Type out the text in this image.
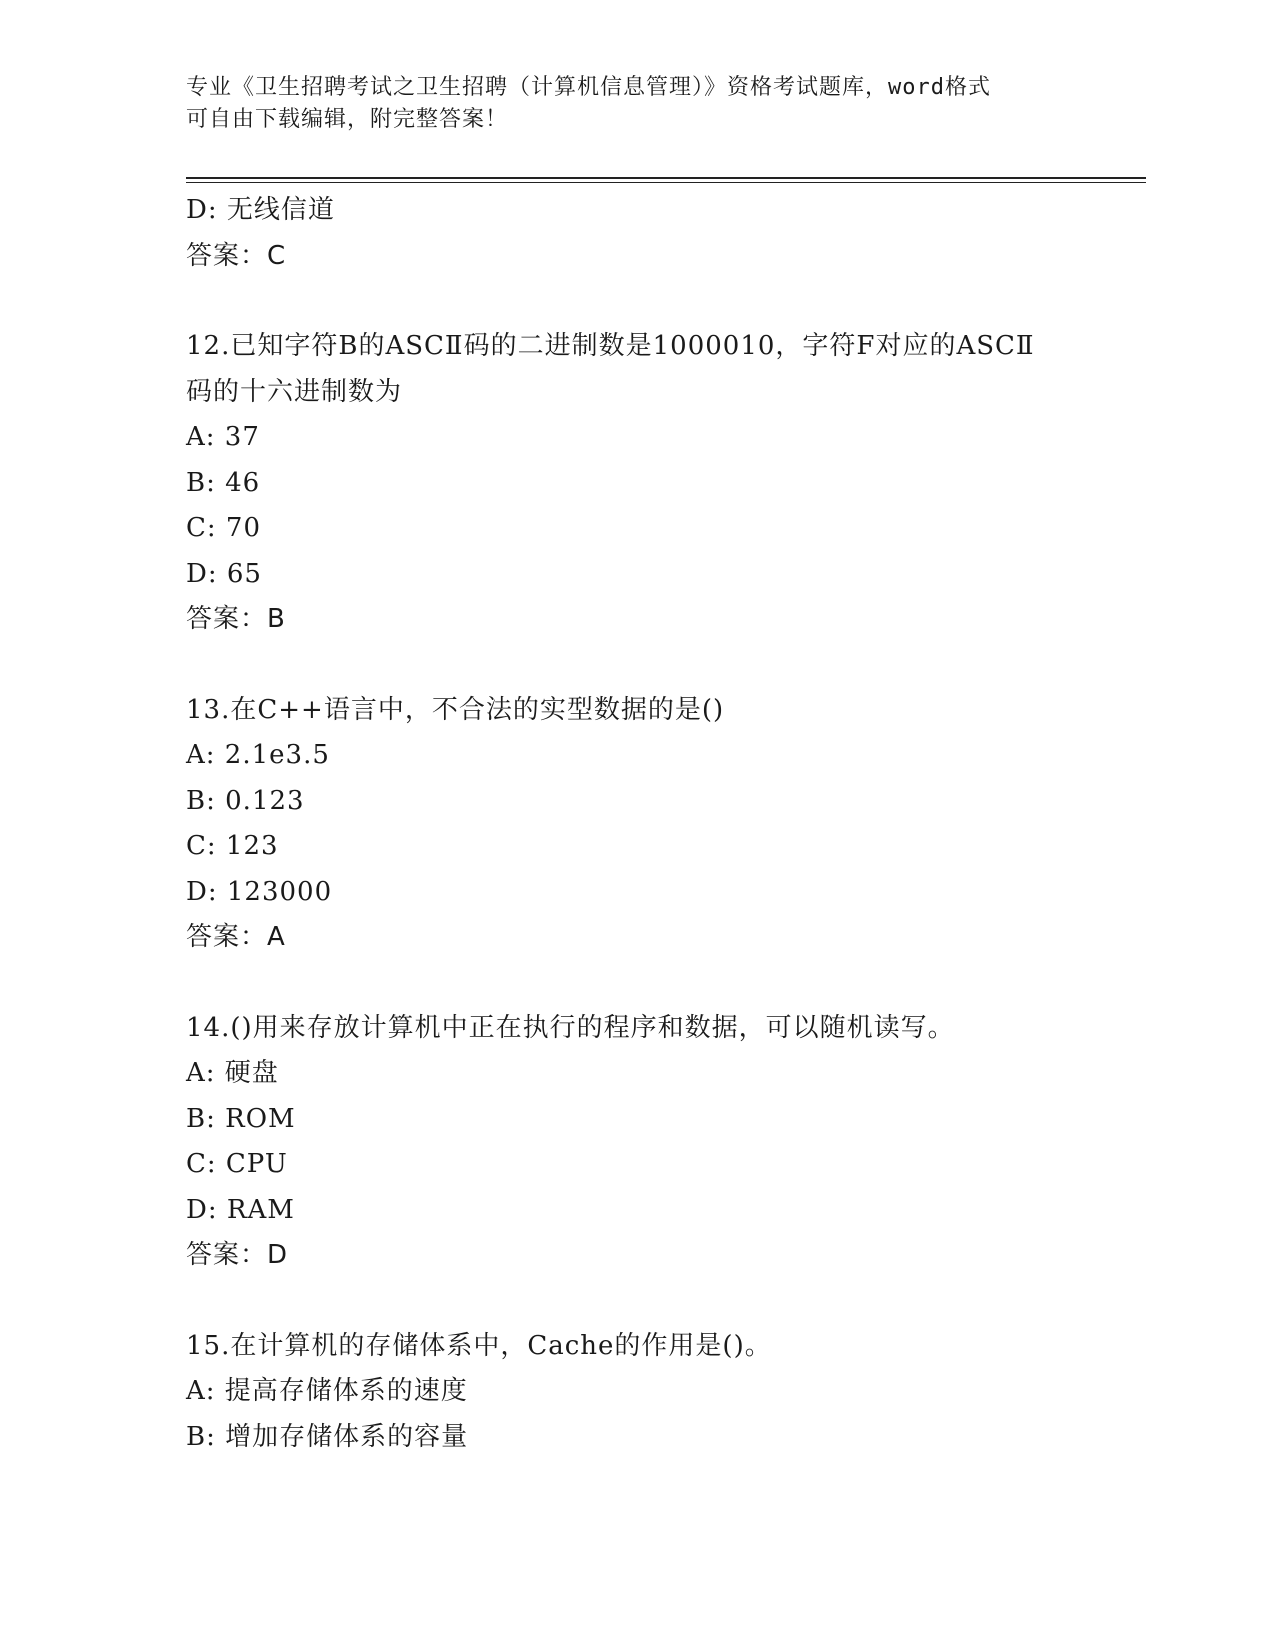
专业《卫生招聘考试之卫生招聘（计算机信息管理）》资格考试题库，word格式
可自由下载编辑，附完整答案！
D: 无线信道
答案：C
12.已知字符B的ASCⅡ码的二进制数是1000010，字符F对应的ASCⅡ
码的十六进制数为
A: 37
B: 46
C: 70
D: 65
答案：B
13.在C++语言中，不合法的实型数据的是()
A: 2.1e3.5
B: 0.123
C: 123
D: 123000
答案：A
14.()用来存放计算机中正在执行的程序和数据，可以随机读写。
A: 硬盘
B: ROM
C: CPU
D: RAM
答案：D
15.在计算机的存储体系中，Cache的作用是()。
A: 提高存储体系的速度
B: 增加存储体系的容量
